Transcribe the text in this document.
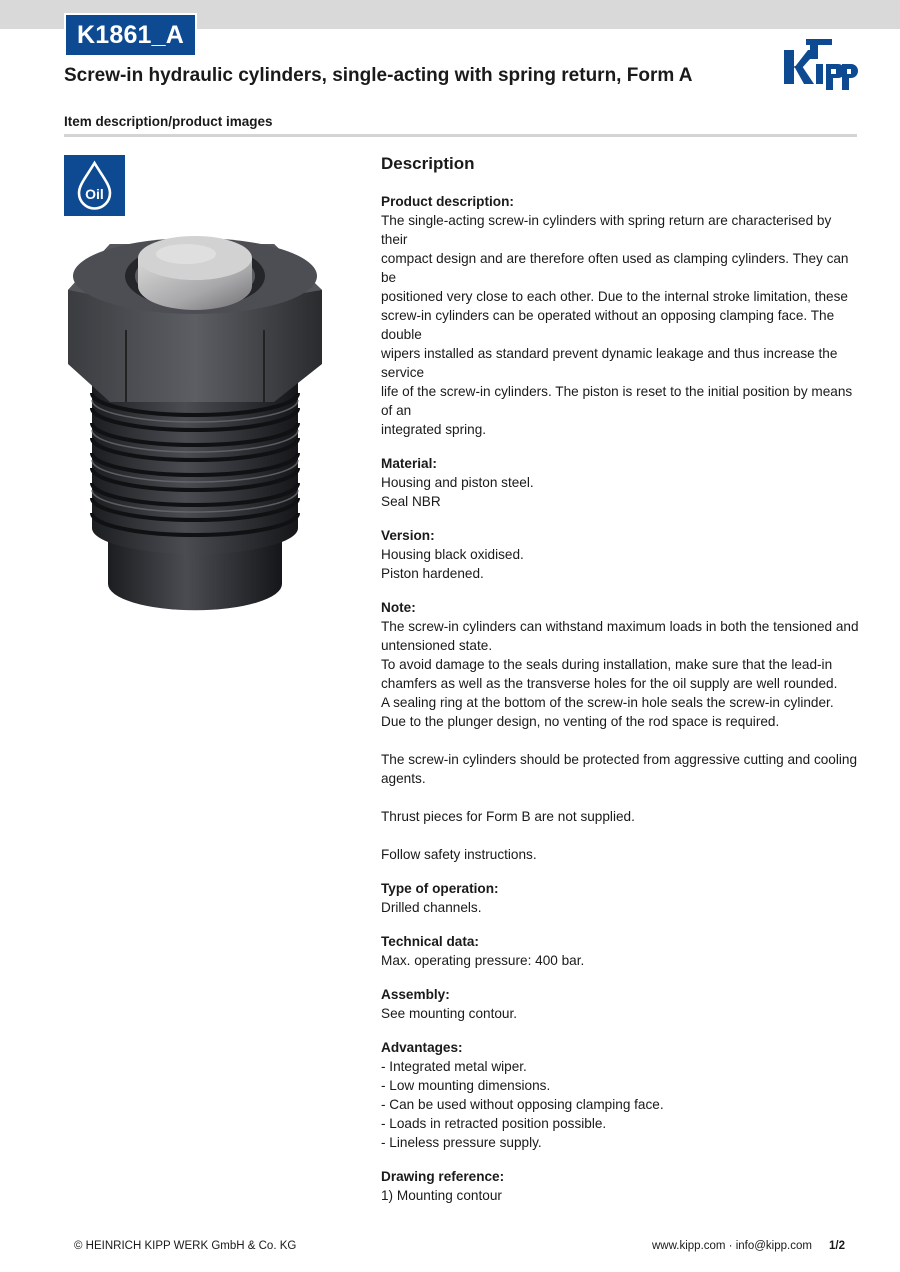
K1861_A
Screw-in hydraulic cylinders, single-acting with spring return, Form A
Item description/product images
Oil
Description
Product description:
The single-acting screw-in cylinders with spring return are characterised by their
compact design and are therefore often used as clamping cylinders. They can be
positioned very close to each other. Due to the internal stroke limitation, these
screw-in cylinders can be operated without an opposing clamping face. The double
wipers installed as standard prevent dynamic leakage and thus increase the service
life of the screw-in cylinders. The piston is reset to the initial position by means of an
integrated spring.
Material:
Housing and piston steel.
Seal NBR
Version:
Housing black oxidised.
Piston hardened.
Note:
The screw-in cylinders can withstand maximum loads in both the tensioned and
untensioned state.
To avoid damage to the seals during installation, make sure that the lead-in
chamfers as well as the transverse holes for the oil supply are well rounded.
A sealing ring at the bottom of the screw-in hole seals the screw-in cylinder.
Due to the plunger design, no venting of the rod space is required.
The screw-in cylinders should be protected from aggressive cutting and cooling
agents.
Thrust pieces for Form B are not supplied.
Follow safety instructions.
Type of operation:
Drilled channels.
Technical data:
Max. operating pressure: 400 bar.
Assembly:
See mounting contour.
Advantages:
- Integrated metal wiper.
- Low mounting dimensions.
- Can be used without opposing clamping face.
- Loads in retracted position possible.
- Lineless pressure supply.
Drawing reference:
1) Mounting contour
© HEINRICH KIPP WERK GmbH & Co. KG	www.kipp.com · info@kipp.com 1/2
